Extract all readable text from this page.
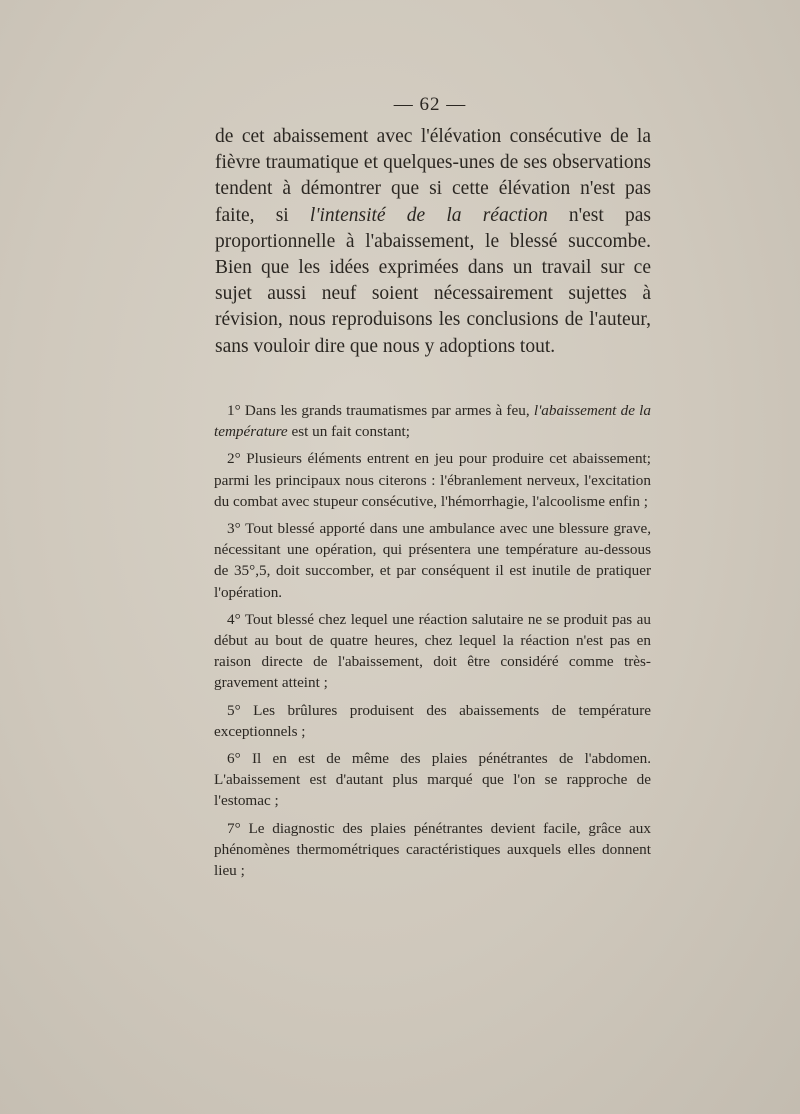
— 62 —

de cet abaissement avec l'élévation consécutive de la fièvre traumatique et quelques-unes de ses observations tendent à démontrer que si cette élévation n'est pas faite, si l'intensité de la réaction n'est pas proportionnelle à l'abaissement, le blessé succombe. Bien que les idées exprimées dans un travail sur ce sujet aussi neuf soient nécessairement sujettes à révision, nous reproduisons les conclusions de l'auteur, sans vouloir dire que nous y adoptions tout.

1° Dans les grands traumatismes par armes à feu, l'abaissement de la température est un fait constant;

2° Plusieurs éléments entrent en jeu pour produire cet abaissement; parmi les principaux nous citerons : l'ébranlement nerveux, l'excitation du combat avec stupeur consécutive, l'hémorrhagie, l'alcoolisme enfin ;

3° Tout blessé apporté dans une ambulance avec une blessure grave, nécessitant une opération, qui présentera une température au-dessous de 35°,5, doit succomber, et par conséquent il est inutile de pratiquer l'opération.

4° Tout blessé chez lequel une réaction salutaire ne se produit pas au début au bout de quatre heures, chez lequel la réaction n'est pas en raison directe de l'abaissement, doit être considéré comme très-gravement atteint ;

5° Les brûlures produisent des abaissements de température exceptionnels ;

6° Il en est de même des plaies pénétrantes de l'abdomen. L'abaissement est d'autant plus marqué que l'on se rapproche de l'estomac ;

7° Le diagnostic des plaies pénétrantes devient facile, grâce aux phénomènes thermométriques caractéristiques auxquels elles donnent lieu ;
